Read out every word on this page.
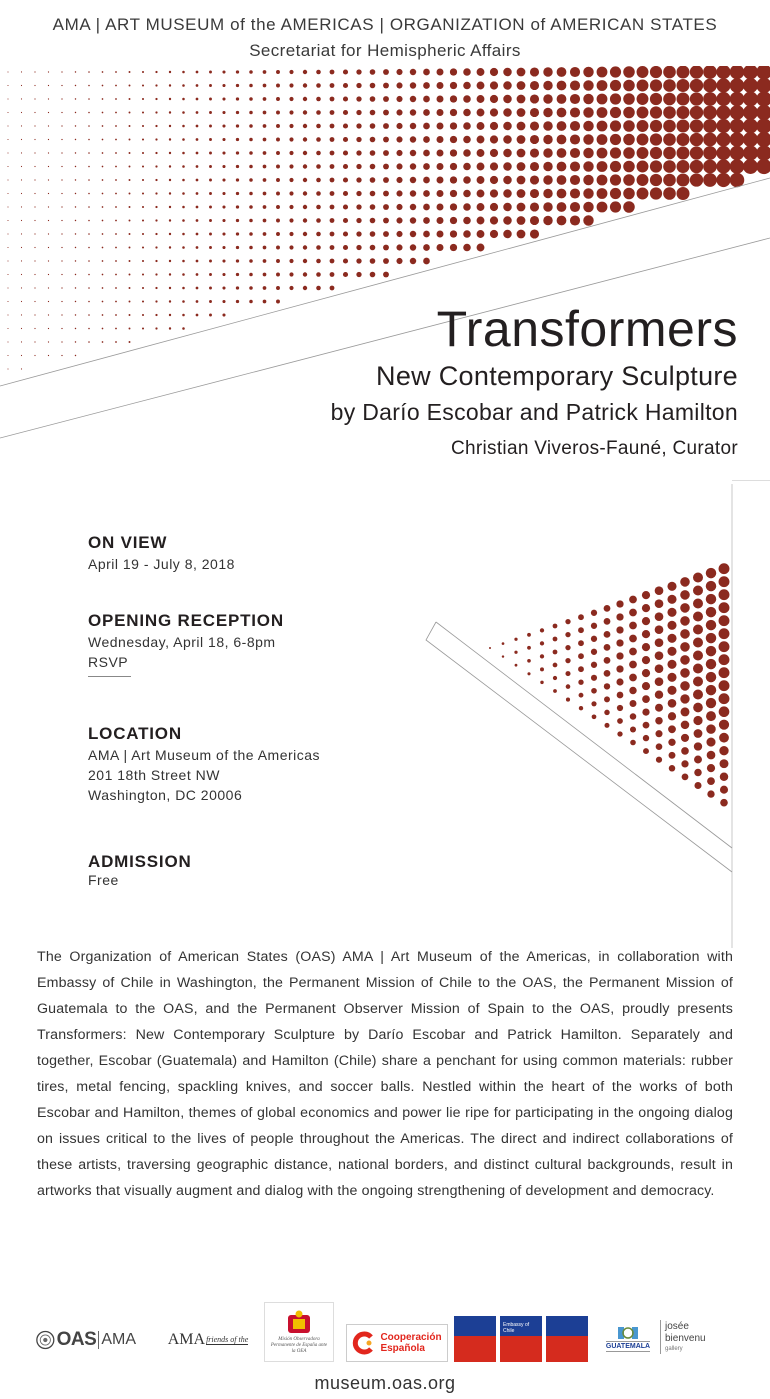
AMA | ART MUSEUM of the AMERICAS | ORGANIZATION of AMERICAN STATES
Secretariat for Hemispheric Affairs
Transformers
New Contemporary Sculpture
by Darío Escobar and Patrick Hamilton
Christian Viveros-Fauné, Curator
ON VIEW

April 19 - July 8, 2018

OPENING RECEPTION

Wednesday, April 18, 6-8pm

RSVP
LOCATION

AMA | Art Museum of the Americas

201 18th Street NW

Washington, DC 20006

ADMISSION

Free

The Organization of American States (OAS) AMA | Art Museum of the Americas, in collaboration with Embassy of Chile in Washington, the Permanent Mission of Chile to the OAS, the Permanent Mission of Guatemala to the OAS, and the Permanent Observer Mission of Spain to the OAS, proudly presents Transformers: New Contemporary Sculpture by Darío Escobar and Patrick Hamilton. Separately and together, Escobar (Guatemala) and Hamilton (Chile) share a penchant for using common materials: rubber tires, metal fencing, spackling knives, and soccer balls. Nestled within the heart of the works of both Escobar and Hamilton, themes of global economics and power lie ripe for participating in the ongoing dialog on issues critical to the lives of people throughout the Americas. The direct and indirect collaborations of these artists, traversing geographic distance, national borders, and distinct cultural backgrounds, result in artworks that visually augment and dialog with the ongoing strengthening of development and democracy.
OAS AMA AMA friends of the	Misión Observadora Permanente de España ante la OEA
Cooperación
Española
Embassy of Chile
GUATEMALA
josée bienvenu
gallery
museum.oas.org
